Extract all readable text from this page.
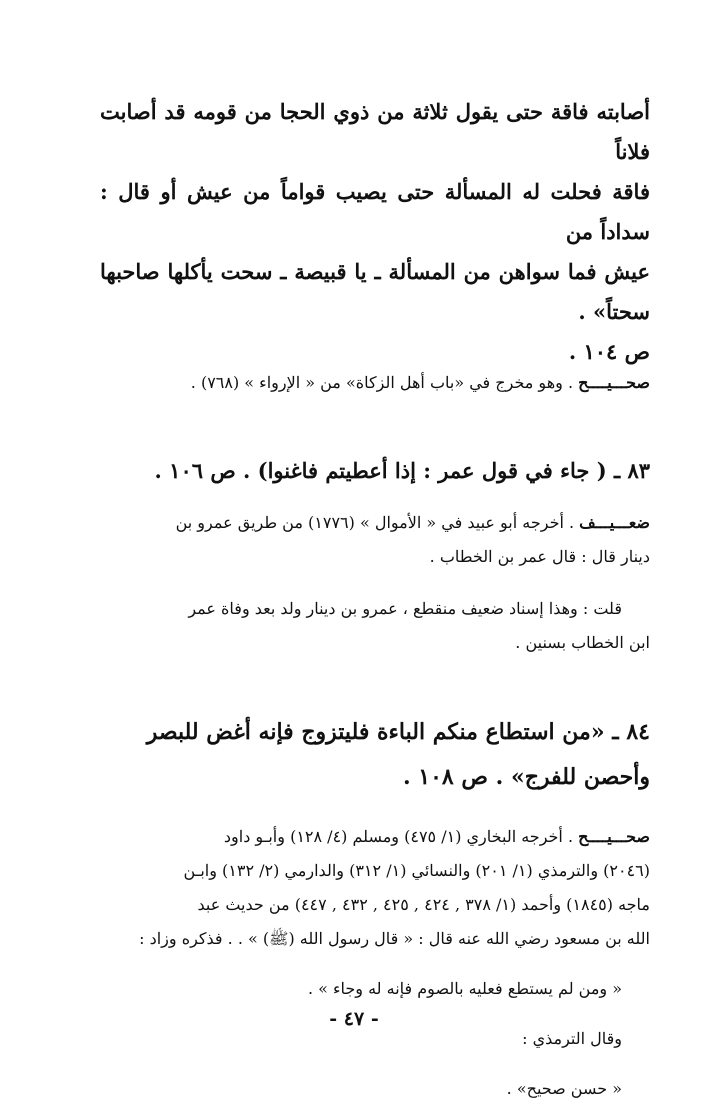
أصابته فاقة حتى يقول ثلاثة من ذوي الحجا من قومه قد أصابت فلاناً
فاقة فحلت له المسألة حتى يصيب قواماً من عيش أو قال : سداداً من
عيش فما سواهن من المسألة ـ يا قبيصة ـ سحت يأكلها صاحبها سحتاً» .
ص ١٠٤ .
صحـــيــــح . وهو مخرج في «باب أهل الزكاة» من « الإرواء » (٧٦٨) .
٨٣ ـ ( جاء في قول عمر : إذا أعطيتم فاغنوا) . ص ١٠٦ .
ضعـــيـــف . أخرجه أبو عبيد في « الأموال » (١٧٧٦) من طريق عمرو بن
دينار قال : قال عمر بن الخطاب .
قلت : وهذا إسناد ضعيف منقطع ، عمرو بن دينار ولد بعد وفاة عمر
ابن الخطاب بسنين .
٨٤ ـ «من استطاع منكم الباءة فليتزوج فإنه أغض للبصر
وأحصن للفرج» . ص ١٠٨ .
صحـــيــــح . أخرجه البخاري (١/ ٤٧٥) ومسلم (٤/ ١٢٨) وأبـو داود
(٢٠٤٦) والترمذي (١/ ٢٠١) والنسائي (١/ ٣١٢) والدارمي (٢/ ١٣٢) وابـن
ماجه (١٨٤٥) وأحمد (١/ ٣٧٨ , ٤٢٤ , ٤٢٥ , ٤٣٢ , ٤٤٧) من حديث عبد
الله بن مسعود رضي الله عنه قال : « قال رسول الله (ﷺ) » . . فذكره وزاد :
« ومن لم يستطع فعليه بالصوم فإنه له وجاء » .
وقال الترمذي :
« حسن صحيح» .
- ٤٧ -
